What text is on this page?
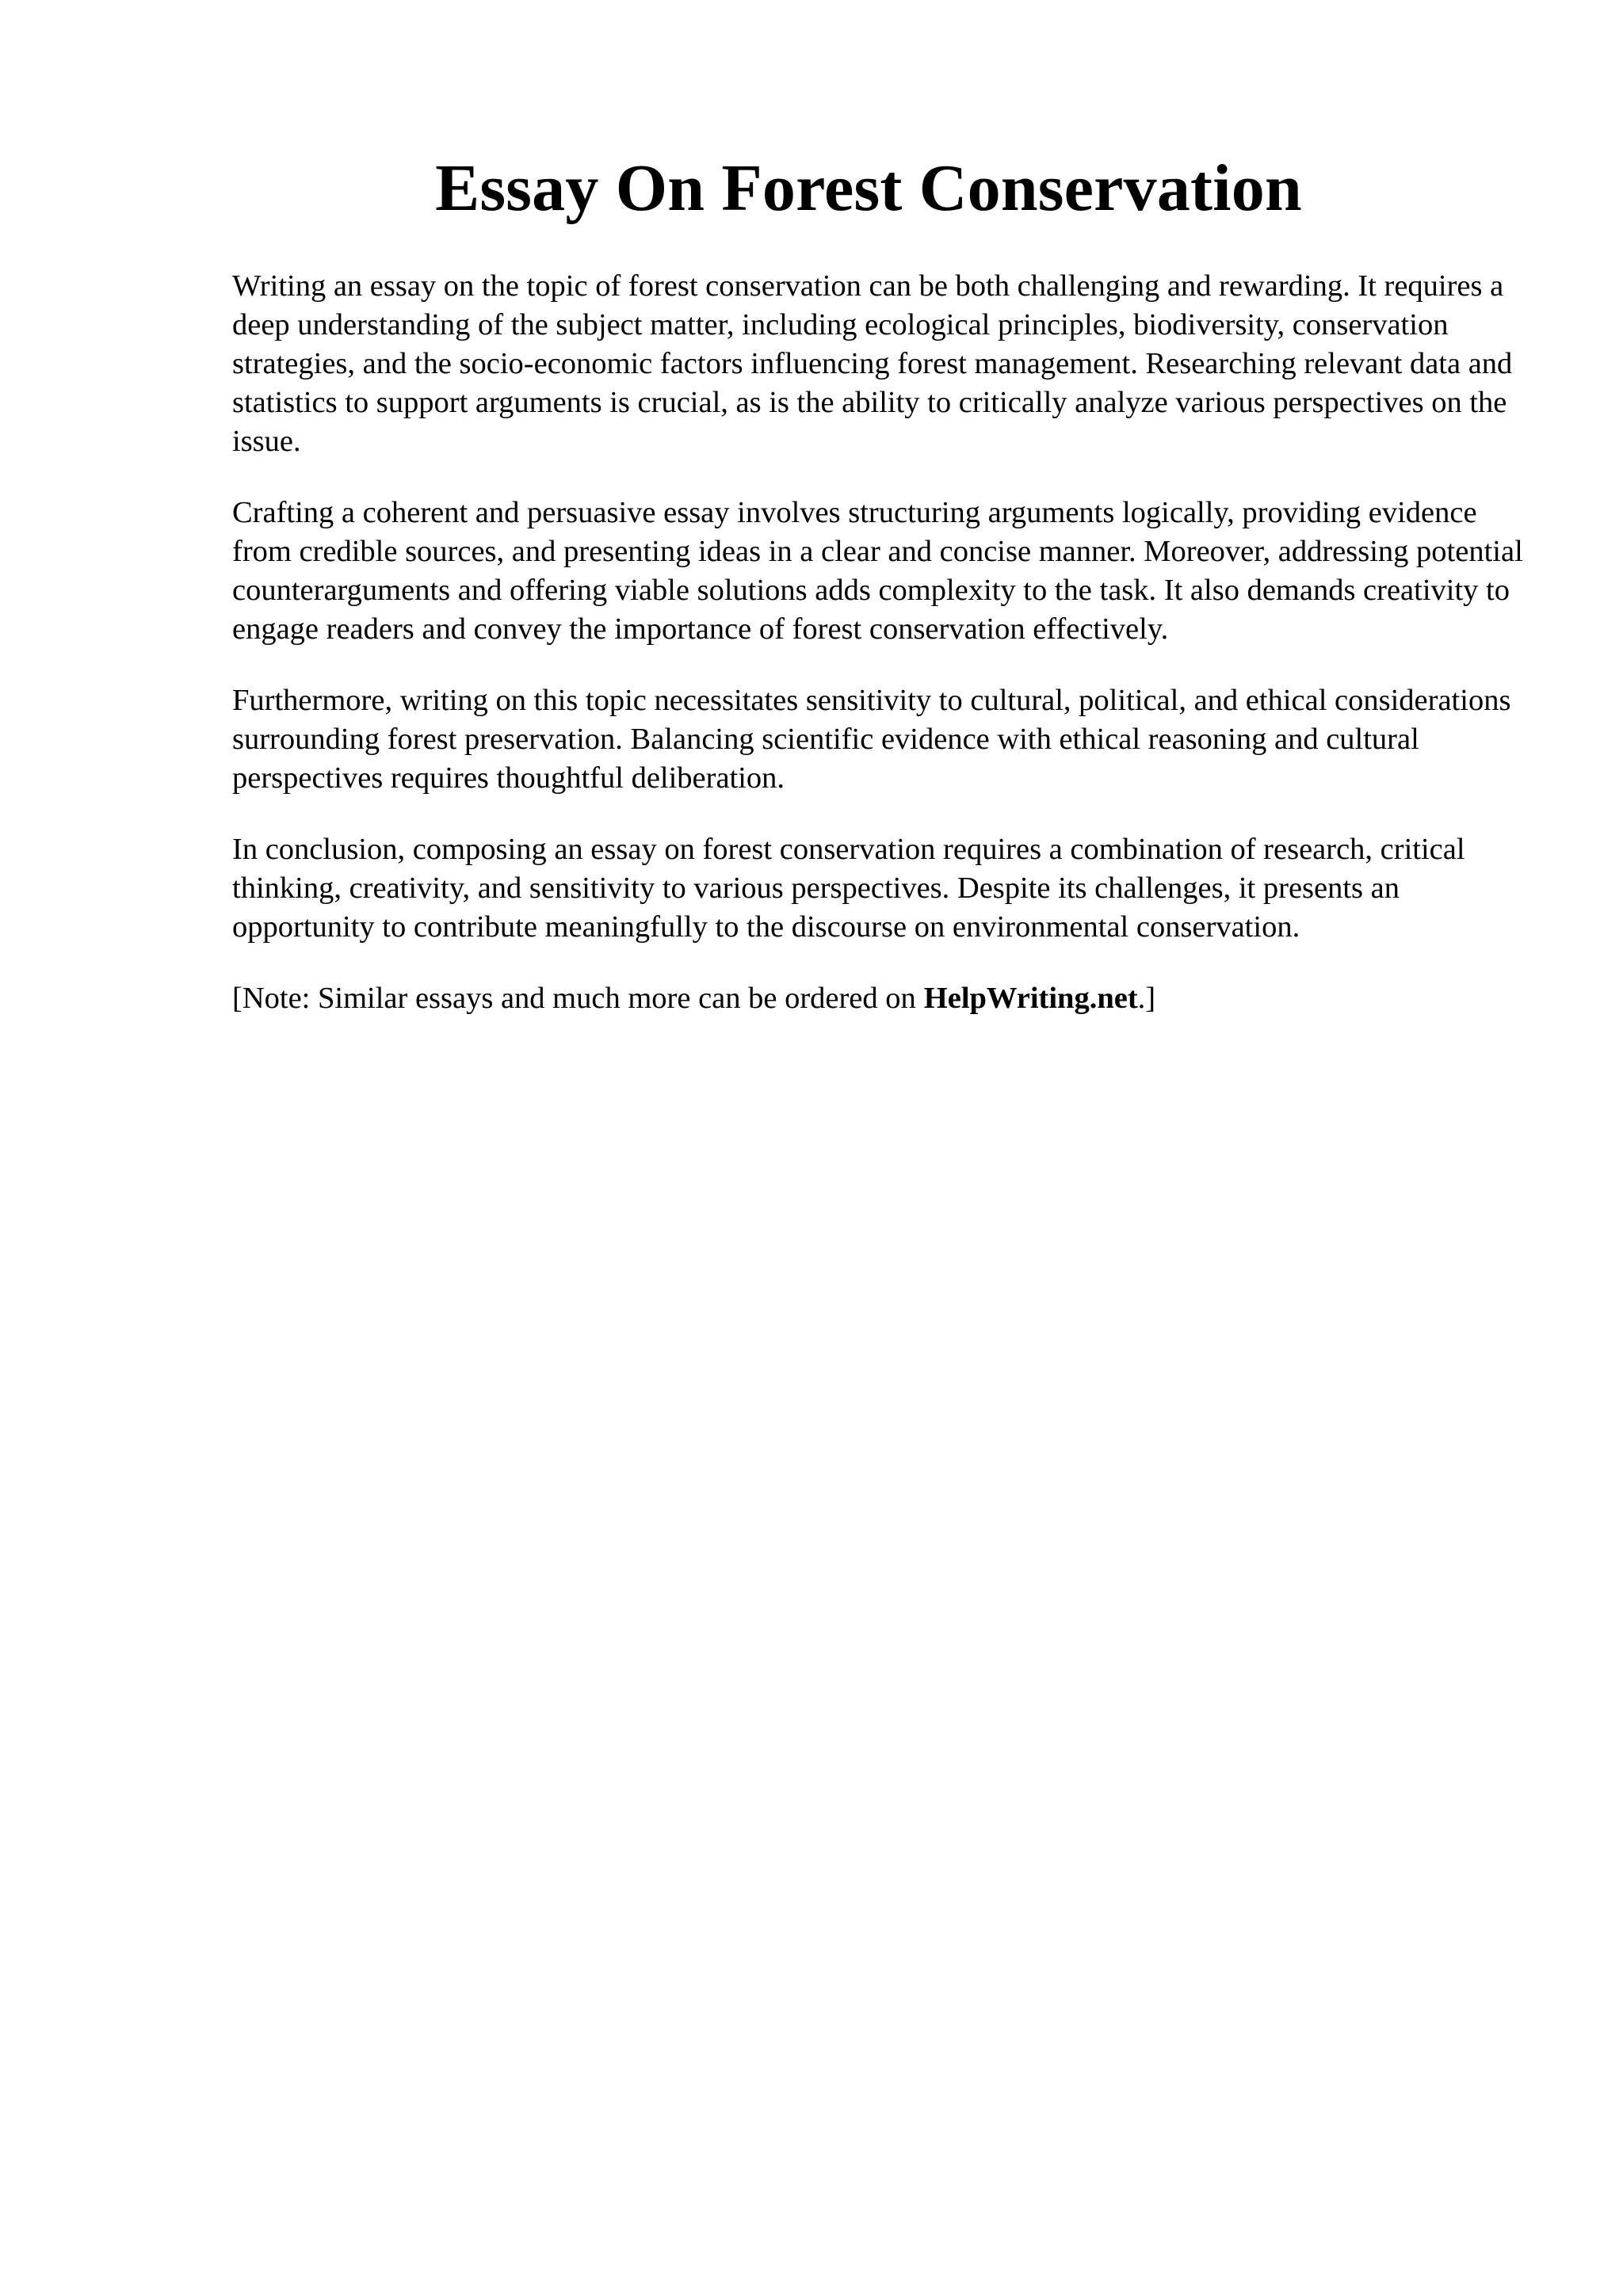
Essay On Forest Conservation

Writing an essay on the topic of forest conservation can be both challenging and rewarding. It requires a deep understanding of the subject matter, including ecological principles, biodiversity, conservation strategies, and the socio-economic factors influencing forest management. Researching relevant data and statistics to support arguments is crucial, as is the ability to critically analyze various perspectives on the issue.

Crafting a coherent and persuasive essay involves structuring arguments logically, providing evidence from credible sources, and presenting ideas in a clear and concise manner. Moreover, addressing potential counterarguments and offering viable solutions adds complexity to the task. It also demands creativity to engage readers and convey the importance of forest conservation effectively.

Furthermore, writing on this topic necessitates sensitivity to cultural, political, and ethical considerations surrounding forest preservation. Balancing scientific evidence with ethical reasoning and cultural perspectives requires thoughtful deliberation.

In conclusion, composing an essay on forest conservation requires a combination of research, critical thinking, creativity, and sensitivity to various perspectives. Despite its challenges, it presents an opportunity to contribute meaningfully to the discourse on environmental conservation.

[Note: Similar essays and much more can be ordered on HelpWriting.net.]
